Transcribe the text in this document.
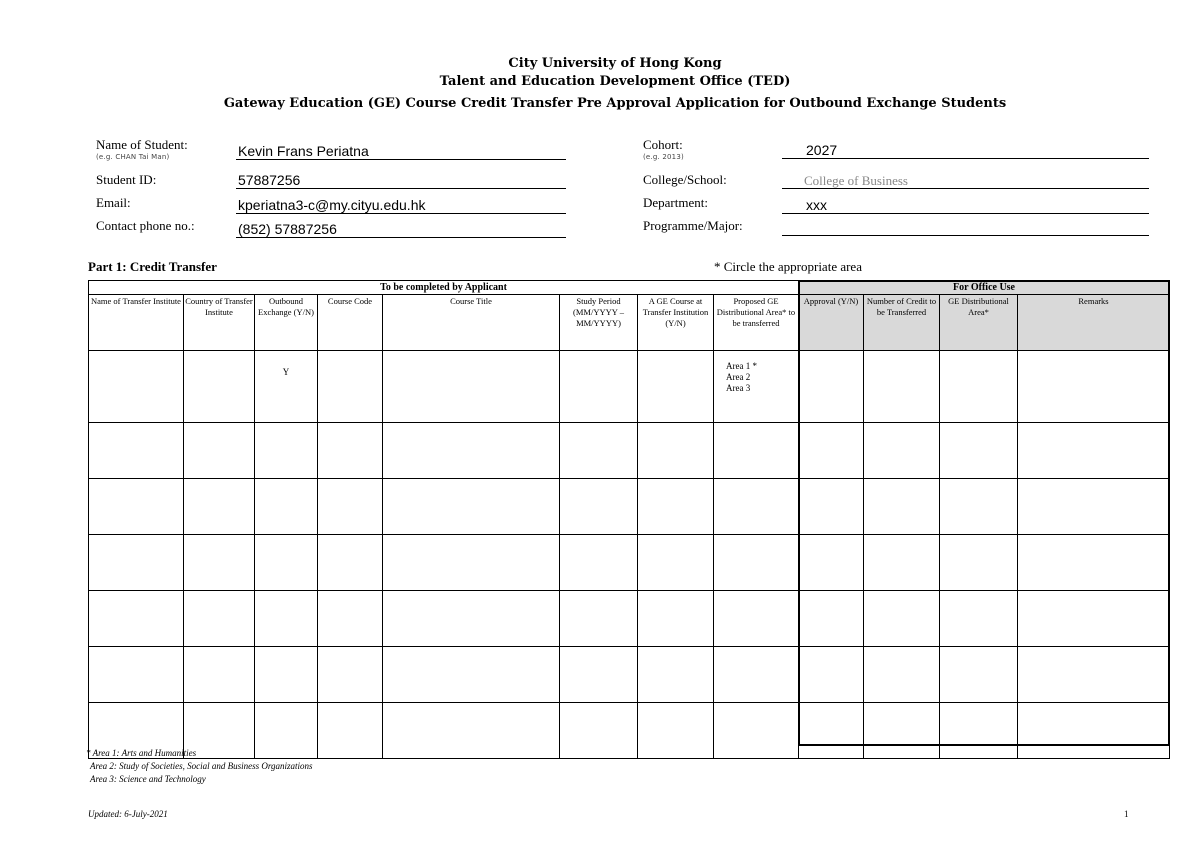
City University of Hong Kong
Talent and Education Development Office (TED)
Gateway Education (GE) Course Credit Transfer Pre Approval Application for Outbound Exchange Students
Name of Student:
(e.g. CHAN Tai Man)	Kevin Frans Periatna
Student ID:	57887256
Email:	kperiatna3-c@my.cityu.edu.hk
Contact phone no.:	(852) 57887256
Cohort:
(e.g. 2013)	2027
College/School:	College of Business
Department:	xxx
Programme/Major:
Part 1: Credit Transfer	* Circle the appropriate area
To be completed by Applicant								For Office Use			
Name of Transfer Institute	Country of Transfer Institute	Outbound Exchange (Y/N)	Course Code	Course Title	Study Period (MM/YYYY – MM/YYYY)	A GE Course at Transfer Institution (Y/N)	Proposed GE Distributional Area* to be transferred	Approval (Y/N)	Number of Credit to be Transferred	GE Distributional Area*	Remarks
		Y					Area 1 *
Area 2
Area 3				

* Area 1: Arts and Humanities
Area 2: Study of Societies, Social and Business Organizations
Area 3: Science and Technology
Updated: 6-July-2021	1
